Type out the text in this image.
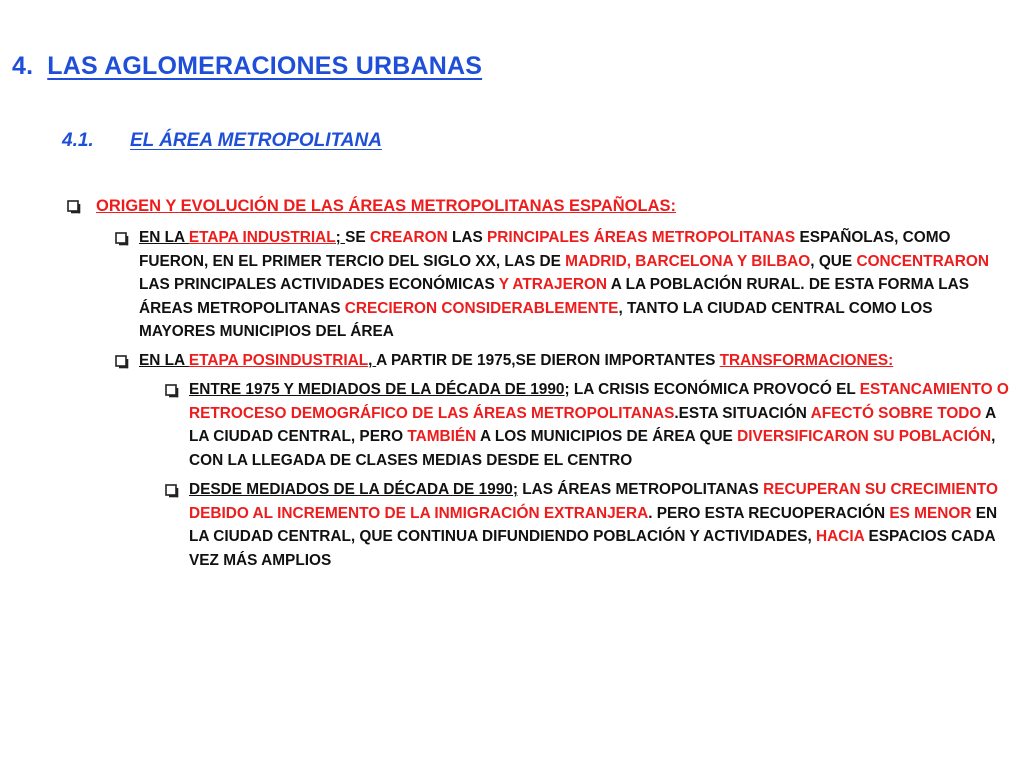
4. LAS AGLOMERACIONES URBANAS
4.1. EL ÁREA METROPOLITANA
ORIGEN Y EVOLUCIÓN DE LAS ÁREAS METROPOLITANAS ESPAÑOLAS:
EN LA ETAPA INDUSTRIAL; SE CREARON LAS PRINCIPALES ÁREAS METROPOLITANAS ESPAÑOLAS, COMO FUERON, EN EL PRIMER TERCIO DEL SIGLO XX, LAS DE MADRID, BARCELONA Y BILBAO, QUE CONCENTRARON LAS PRINCIPALES ACTIVIDADES ECONÓMICAS Y ATRAJERON A LA POBLACIÓN RURAL. DE ESTA FORMA LAS ÁREAS METROPOLITANAS CRECIERON CONSIDERABLEMENTE, TANTO LA CIUDAD CENTRAL COMO LOS MAYORES MUNICIPIOS DEL ÁREA
EN LA ETAPA POSINDUSTRIAL, A PARTIR DE 1975,SE DIERON IMPORTANTES TRANSFORMACIONES:
ENTRE 1975 Y MEDIADOS DE LA DÉCADA DE 1990; LA CRISIS ECONÓMICA PROVOCÓ EL ESTANCAMIENTO O RETROCESO DEMOGRÁFICO DE LAS ÁREAS METROPOLITANAS.ESTA SITUACIÓN AFECTÓ SOBRE TODO A LA CIUDAD CENTRAL, PERO TAMBIÉN A LOS MUNICIPIOS DE ÁREA QUE DIVERSIFICARON SU POBLACIÓN, CON LA LLEGADA DE CLASES MEDIAS DESDE EL CENTRO
DESDE MEDIADOS DE LA DÉCADA DE 1990; LAS ÁREAS METROPOLITANAS RECUPERAN SU CRECIMIENTO DEBIDO AL INCREMENTO DE LA INMIGRACIÓN EXTRANJERA. PERO ESTA RECUOPERACIÓN ES MENOR EN LA CIUDAD CENTRAL, QUE CONTINUA DIFUNDIENDO POBLACIÓN Y ACTIVIDADES, HACIA ESPACIOS CADA VEZ MÁS AMPLIOS
